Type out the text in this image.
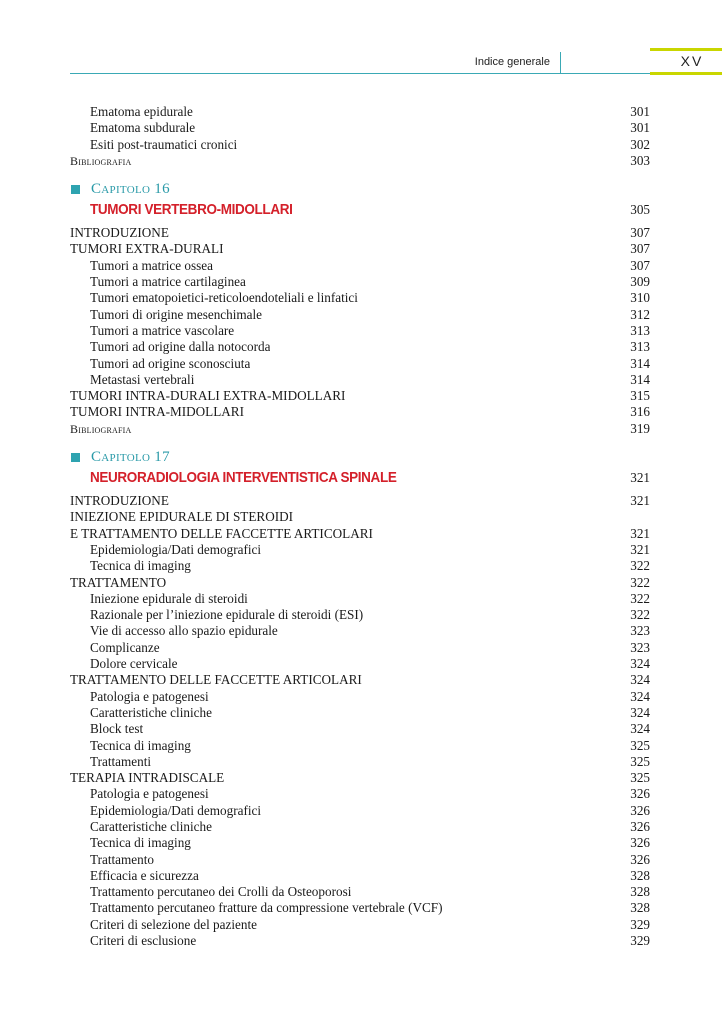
Indice generale	XV
Ematoma epidurale	301
Ematoma subdurale	301
Esiti post-traumatici cronici	302
Bibliografia	303
Capitolo 16
TUMORI VERTEBRO-MIDOLLARI	305
INTRODUZIONE	307
TUMORI EXTRA-DURALI	307
Tumori a matrice ossea	307
Tumori a matrice cartilaginea	309
Tumori ematopoietici-reticoloendoteliali e linfatici	310
Tumori di origine mesenchimale	312
Tumori a matrice vascolare	313
Tumori ad origine dalla notocorda	313
Tumori ad origine sconosciuta	314
Metastasi vertebrali	314
TUMORI INTRA-DURALI EXTRA-MIDOLLARI	315
TUMORI INTRA-MIDOLLARI	316
Bibliografia	319
Capitolo 17
NEURORADIOLOGIA INTERVENTISTICA SPINALE	321
INTRODUZIONE	321
INIEZIONE EPIDURALE DI STEROIDI
E TRATTAMENTO DELLE FACCETTE ARTICOLARI	321
Epidemiologia/Dati demografici	321
Tecnica di imaging	322
TRATTAMENTO	322
Iniezione epidurale di steroidi	322
Razionale per l’iniezione epidurale di steroidi (ESI)	322
Vie di accesso allo spazio epidurale	323
Complicanze	323
Dolore cervicale	324
TRATTAMENTO DELLE FACCETTE ARTICOLARI	324
Patologia e patogenesi	324
Caratteristiche cliniche	324
Block test	324
Tecnica di imaging	325
Trattamenti	325
TERAPIA INTRADISCALE	325
Patologia e patogenesi	326
Epidemiologia/Dati demografici	326
Caratteristiche cliniche	326
Tecnica di imaging	326
Trattamento	326
Efficacia e sicurezza	328
Trattamento percutaneo dei Crolli da Osteoporosi	328
Trattamento percutaneo fratture da compressione vertebrale (VCF)	328
Criteri di selezione del paziente	329
Criteri di esclusione	329
